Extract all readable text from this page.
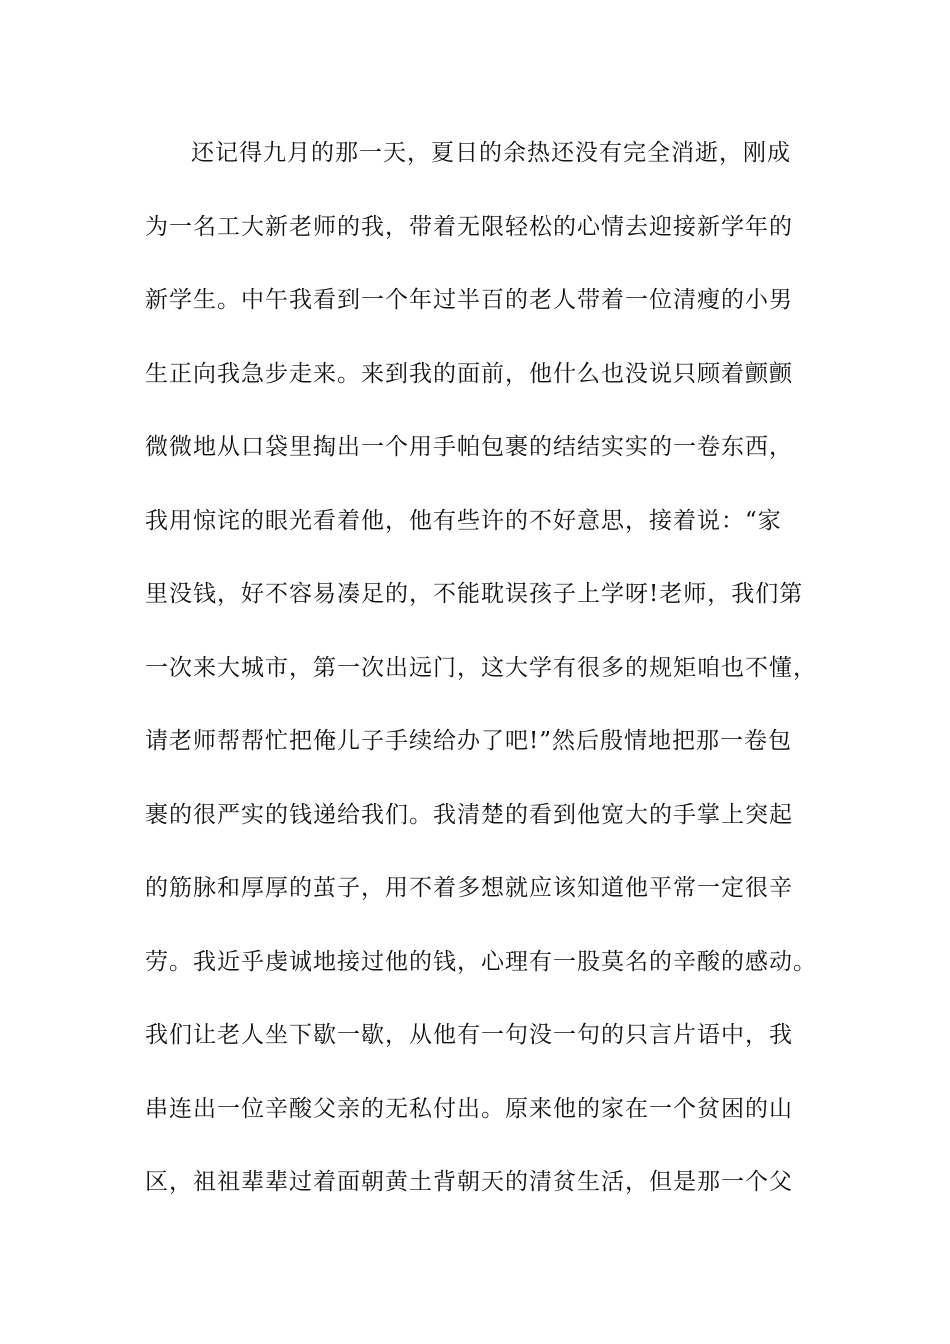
还记得九月的那一天，夏日的余热还没有完全消逝，刚成
为一名工大新老师的我，带着无限轻松的心情去迎接新学年的
新学生。中午我看到一个年过半百的老人带着一位清瘦的小男
生正向我急步走来。来到我的面前，他什么也没说只顾着颤颤
微微地从口袋里掏出一个用手帕包裹的结结实实的一卷东西，
我用惊诧的眼光看着他，他有些许的不好意思，接着说：“家
里没钱，好不容易凑足的，不能耽误孩子上学呀!老师，我们第
一次来大城市，第一次出远门，这大学有很多的规矩咱也不懂，
请老师帮帮忙把俺儿子手续给办了吧!”然后殷情地把那一卷包
裹的很严实的钱递给我们。我清楚的看到他宽大的手掌上突起
的筋脉和厚厚的茧子，用不着多想就应该知道他平常一定很辛
劳。我近乎虔诚地接过他的钱，心理有一股莫名的辛酸的感动。
我们让老人坐下歇一歇，从他有一句没一句的只言片语中，我
串连出一位辛酸父亲的无私付出。原来他的家在一个贫困的山
区，祖祖辈辈过着面朝黄土背朝天的清贫生活，但是那一个父
